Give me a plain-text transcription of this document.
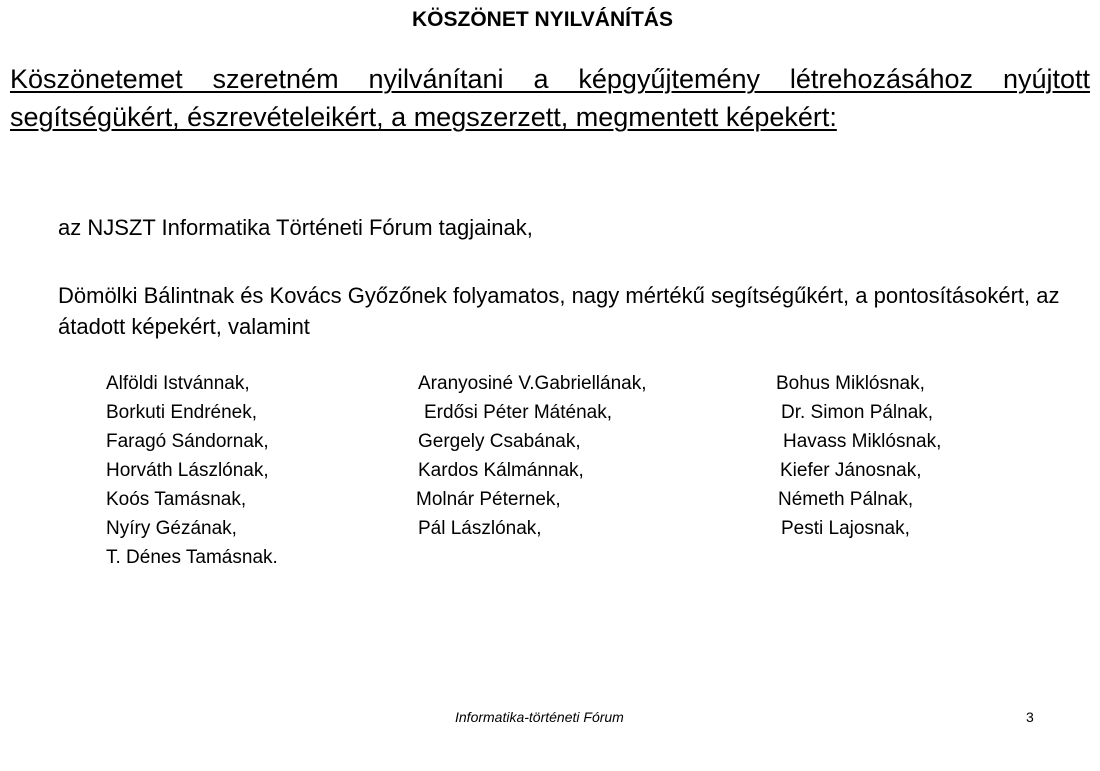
KÖSZÖNET NYILVÁNÍTÁS
Köszönetemet szeretném nyilvánítani a képgyűjtemény létrehozásához nyújtott segítségükért, észrevételeikért, a megszerzett, megmentett képekért:
az NJSZT Informatika Történeti Fórum tagjainak,
Dömölki Bálintnak és Kovács Győzőnek folyamatos, nagy mértékű segítségűkért, a pontosításokért, az átadott képekért, valamint
Alföldi Istvánnak,
Borkuti Endrének,
Faragó Sándornak,
Horváth Lászlónak,
Koós Tamásnak,
Nyíry Gézának,
T. Dénes Tamásnak.
Aranyosiné V.Gabriellának,
Erdősi Péter Máténak,
Gergely Csabának,
Kardos Kálmánnak,
Molnár Péternek,
Pál Lászlónak,
Bohus Miklósnak,
Dr. Simon Pálnak,
Havass Miklósnak,
Kiefer Jánosnak,
Németh Pálnak,
Pesti Lajosnak,
Informatika-történeti Fórum	3
